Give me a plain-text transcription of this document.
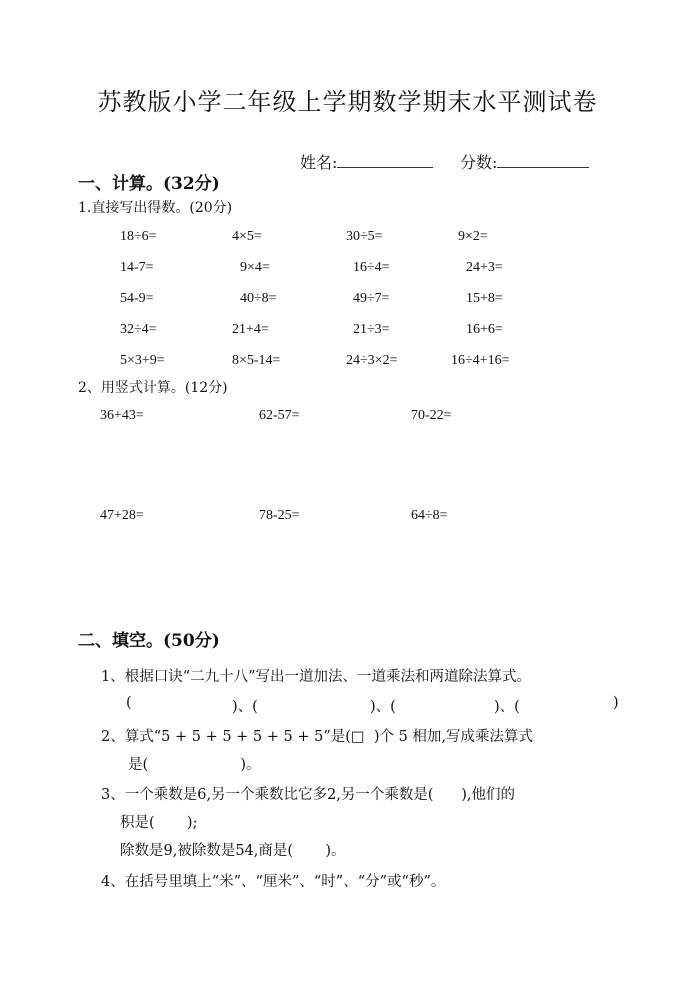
苏教版小学二年级上学期数学期末水平测试卷
姓名:	分数:
一、计算。(32分)
1.直接写出得数。(20分)
18÷6=	4×5=	30÷5=	9×2=
14-7=	9×4=	16÷4=	24+3=
54-9=	40÷8=	49÷7=	15+8=
32÷4=	21+4=	21÷3=	16+6=
5×3+9=	8×5-14=	24÷3×2=	16÷4+16=
2、用竖式计算。(12分)
36+43=	62-57=	70-22=
47+28=	78-25=	64÷8=
二、填空。(50分)
1、根据口诀“二九十八”写出一道加法、一道乘法和两道除法算式。
(	)、(	)、(	)、(	)
2、算式“5 + 5 + 5 + 5 + 5 + 5”是(□  )个 5 相加,写成乘法算式
是(                    )。
3、一个乘数是6,另一个乘数比它多2,另一个乘数是(      ),他们的
积是(       );
除数是9,被除数是54,商是(       )。
4、在括号里填上“米”、“厘米”、“时”、“分”或“秒”。
